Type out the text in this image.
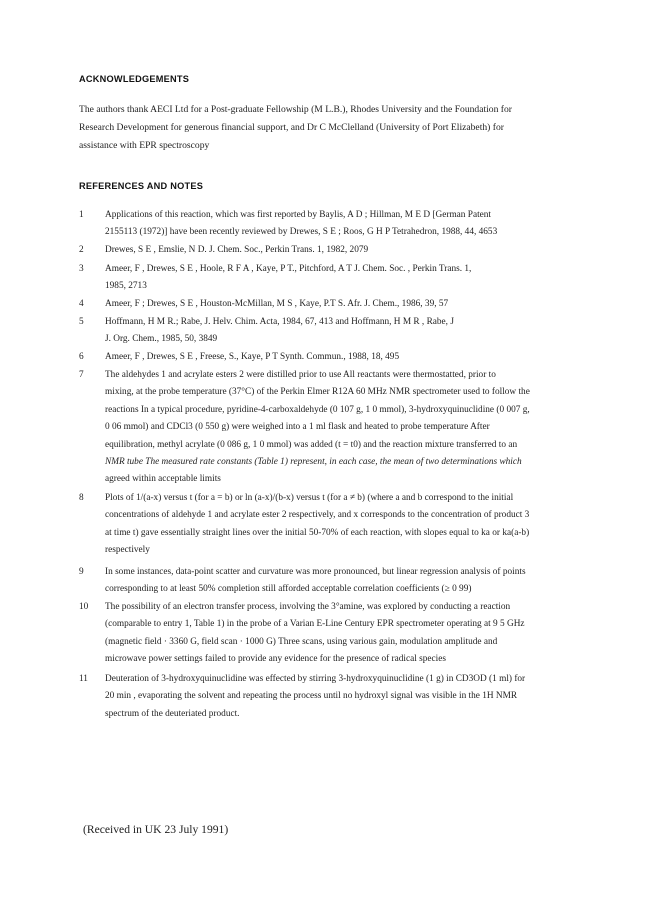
ACKNOWLEDGEMENTS
The authors thank AECI Ltd for a Post-graduate Fellowship (M L.B.), Rhodes University and the Foundation for
Research Development for generous financial support, and Dr C McClelland (University of Port Elizabeth) for
assistance with EPR spectroscopy
REFERENCES AND NOTES
1	Applications of this reaction, which was first reported by Baylis, A D ; Hillman, M E D [German Patent
2155113 (1972)] have been recently reviewed by Drewes, S E ; Roos, G H P Tetrahedron, 1988, 44, 4653
2	Drewes, S E , Emslie, N D. J. Chem. Soc., Perkin Trans. 1, 1982, 2079
3	Ameer, F , Drewes, S E , Hoole, R F A , Kaye, P T., Pitchford, A T J. Chem. Soc. , Perkin Trans. 1,
1985, 2713
4	Ameer, F ; Drewes, S E , Houston-McMillan, M S , Kaye, P.T S. Afr. J. Chem., 1986, 39, 57
5	Hoffmann, H M R.; Rabe, J. Helv. Chim. Acta, 1984, 67, 413 and Hoffmann, H M R , Rabe, J
J. Org. Chem., 1985, 50, 3849
6	Ameer, F , Drewes, S E , Freese, S., Kaye, P T Synth. Commun., 1988, 18, 495
7	The aldehydes 1 and acrylate esters 2 were distilled prior to use All reactants were thermostatted, prior to
mixing, at the probe temperature (37°C) of the Perkin Elmer R12A 60 MHz NMR spectrometer used to follow the
reactions In a typical procedure, pyridine-4-carboxaldehyde (0 107 g, 1 0 mmol), 3-hydroxyquinuclidine (0 007 g,
0 06 mmol) and CDCl3 (0 550 g) were weighed into a 1 ml flask and heated to probe temperature After
equilibration, methyl acrylate (0 086 g, 1 0 mmol) was added (t = t0) and the reaction mixture transferred to an
NMR tube The measured rate constants (Table 1) represent, in each case, the mean of two determinations which
agreed within acceptable limits
8	Plots of 1/(a-x) versus t (for a = b) or ln (a-x)/(b-x) versus t (for a ≠ b) (where a and b correspond to the initial
concentrations of aldehyde 1 and acrylate ester 2 respectively, and x corresponds to the concentration of product 3
at time t) gave essentially straight lines over the initial 50-70% of each reaction, with slopes equal to ka or ka(a-b)
respectively
9	In some instances, data-point scatter and curvature was more pronounced, but linear regression analysis of points
corresponding to at least 50% completion still afforded acceptable correlation coefficients (≥ 0 99)
10	The possibility of an electron transfer process, involving the 3°amine, was explored by conducting a reaction
(comparable to entry 1, Table 1) in the probe of a Varian E-Line Century EPR spectrometer operating at 9 5 GHz
(magnetic field · 3360 G, field scan · 1000 G) Three scans, using various gain, modulation amplitude and
microwave power settings failed to provide any evidence for the presence of radical species
11	Deuteration of 3-hydroxyquinuclidine was effected by stirring 3-hydroxyquinuclidine (1 g) in CD3OD (1 ml) for
20 min , evaporating the solvent and repeating the process until no hydroxyl signal was visible in the 1H NMR
spectrum of the deuteriated product.
(Received in UK 23 July 1991)
